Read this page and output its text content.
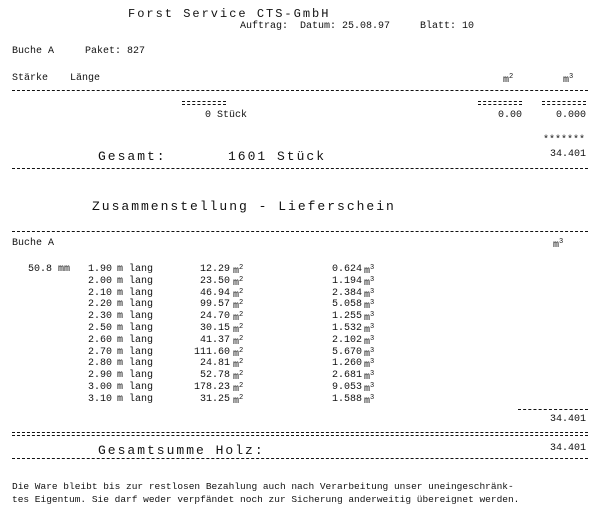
Forst Service CTS-GmbH
Auftrag: Datum: 25.08.97	Blatt: 10
Buche A	Paket: 827
Stärke Länge	$m^2$	$m^3$
0 Stück	0.00	0.000
*******
Gesamt:	1601 Stück	34.401
Zusammenstellung - Lieferschein
Buche A	$m^3$
50.8 mm 1.90 m lang	12.29 $m^2$	0.624 $m^3$
2.00 m lang	23.50 $m^2$	1.194 $m^3$
2.10 m lang	46.94 $m^2$	2.384 $m^3$
2.20 m lang	99.57 $m^2$	5.058 $m^3$
2.30 m lang	24.70 $m^2$	1.255 $m^3$
2.50 m lang	30.15 $m^2$	1.532 $m^3$
2.60 m lang	41.37 $m^2$	2.102 $m^3$
2.70 m lang	111.60 $m^2$	5.670 $m^3$
2.80 m lang	24.81 $m^2$	1.260 $m^3$
2.90 m lang	52.78 $m^2$	2.681 $m^3$
3.00 m lang	178.23 $m^2$	9.053 $m^3$
3.10 m lang	31.25 $m^2$	1.588 $m^3$
34.401
Gesamtsumme Holz:	34.401
Die Ware bleibt bis zur restlosen Bezahlung auch nach Verarbeitung unser uneingeschränk-
tes Eigentum. Sie darf weder verpfändet noch zur Sicherung anderweitig übereignet werden.
